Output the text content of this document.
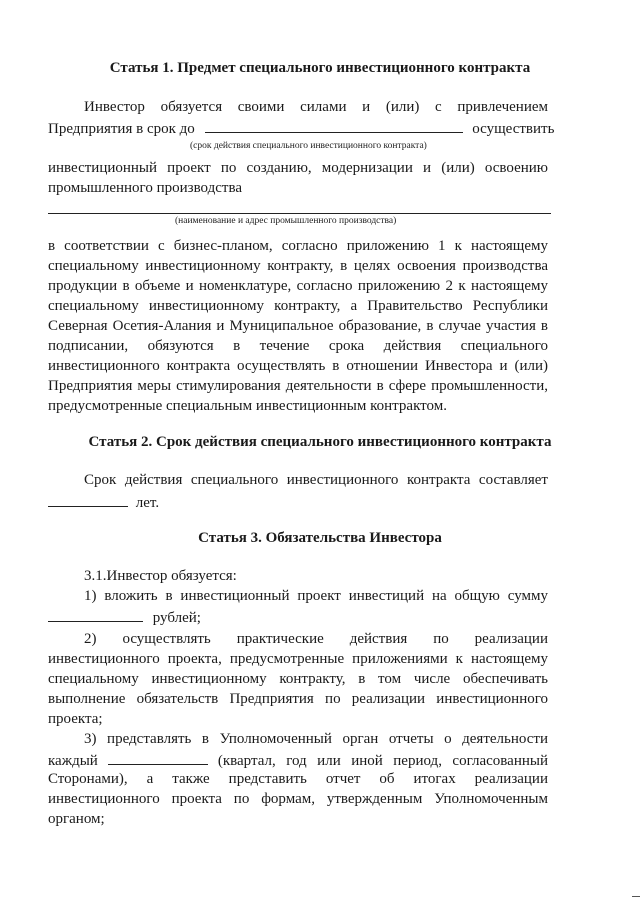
Статья 1. Предмет специального инвестиционного контракта
Инвестор обязуется своими силами и (или) с привлечением
Предприятия в срок до	осуществить
(срок действия специального инвестиционного контракта)
инвестиционный проект по созданию, модернизации и (или) освоению
промышленного производства
(наименование и адрес промышленного производства)
в соответствии с бизнес-планом, согласно приложению 1 к настоящему
специальному инвестиционному контракту, в целях освоения производства
продукции в объеме и номенклатуре, согласно приложению 2 к настоящему
специальному инвестиционному контракту, а Правительство Республики
Северная Осетия-Алания и Муниципальное образование, в случае участия в
подписании, обязуются в течение срока действия специального
инвестиционного контракта осуществлять в отношении Инвестора и (или)
Предприятия меры стимулирования деятельности в сфере промышленности,
предусмотренные специальным инвестиционным контрактом.
Статья 2. Срок действия специального инвестиционного контракта
Срок действия специального инвестиционного контракта составляет
лет.
Статья 3. Обязательства Инвестора
3.1.Инвестор обязуется:
1) вложить в инвестиционный проект инвестиций на общую сумму
рублей;
2) осуществлять практические действия по реализации
инвестиционного проекта, предусмотренные приложениями к настоящему
специальному инвестиционному контракту, в том числе обеспечивать
выполнение обязательств Предприятия по реализации инвестиционного
проекта;
3) представлять в Уполномоченный орган отчеты о деятельности
каждый	(квартал, год или иной период, согласованный
Сторонами), а также представить отчет об итогах реализации
инвестиционного проекта по формам, утвержденным Уполномоченным
органом;
